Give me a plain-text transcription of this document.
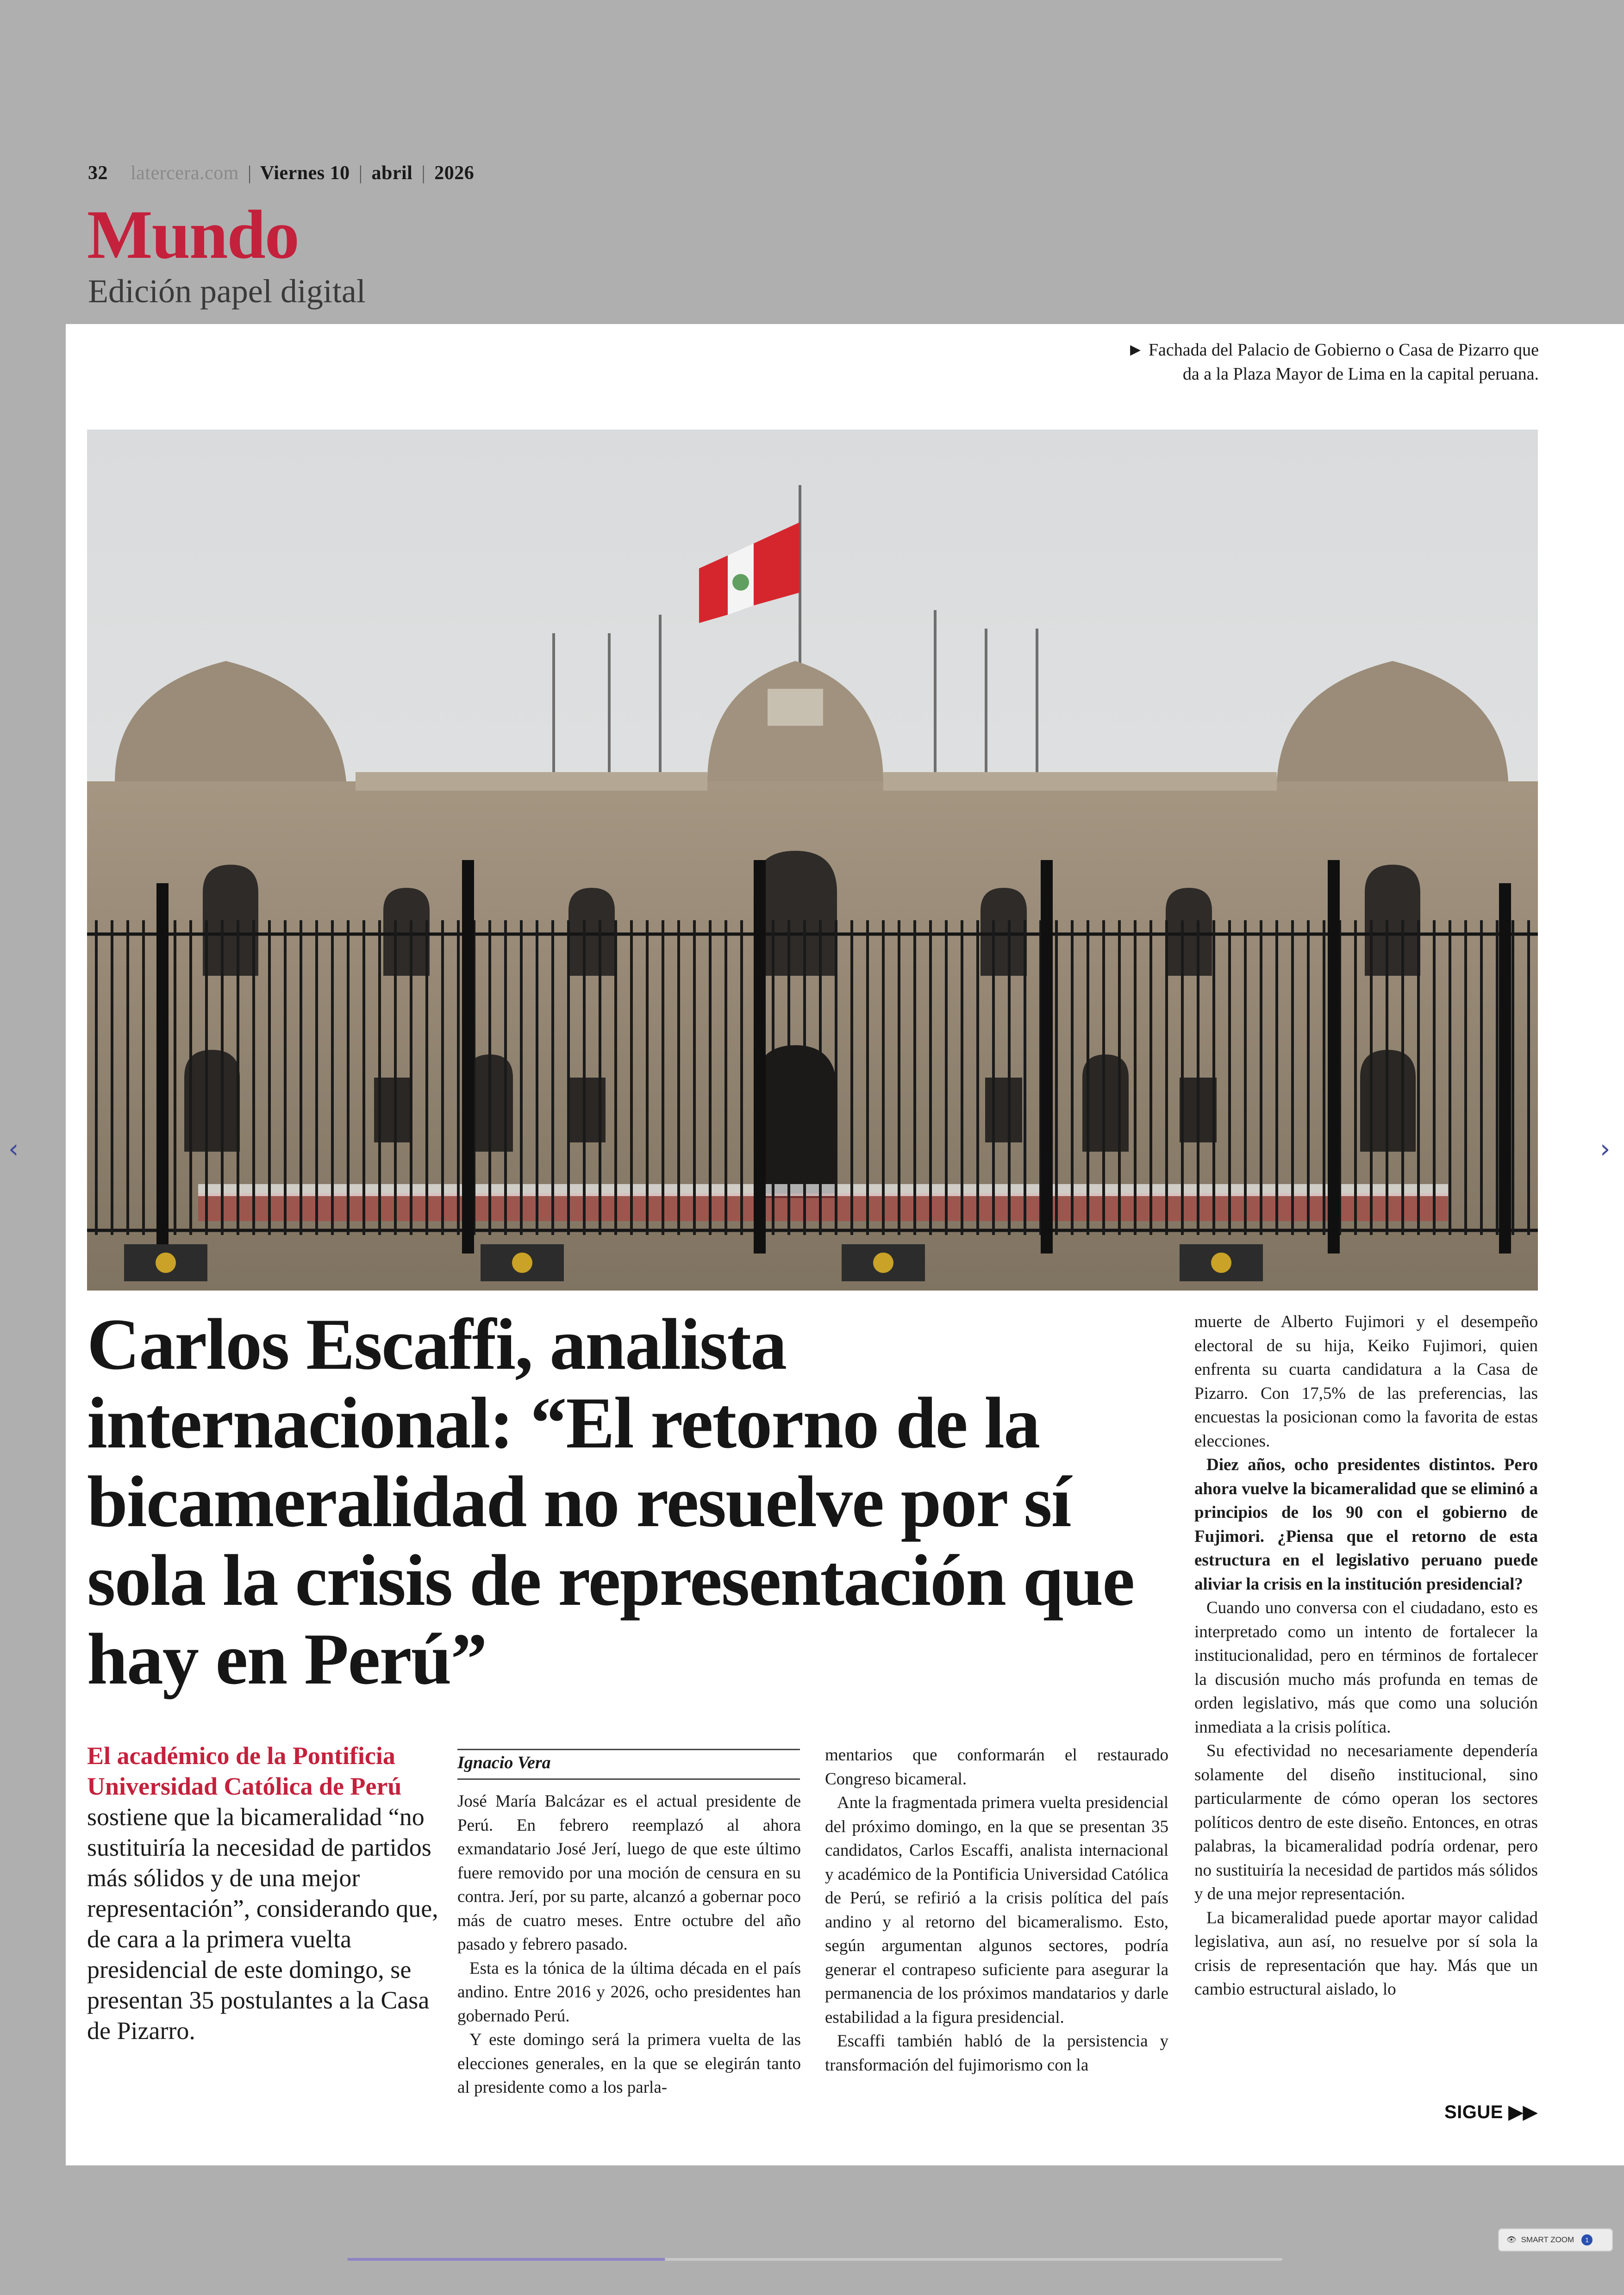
32 latercera.com | Viernes 10 | abril | 2026
Mundo
Edición papel digital
► Fachada del Palacio de Gobierno o Casa de Pizarro que da a la Plaza Mayor de Lima en la capital peruana.
Carlos Escaffi, analista internacional: “El retorno de la bicameralidad no resuelve por sí sola la crisis de representación que hay en Perú”
El académico de la Pontificia Universidad Católica de Perú sostiene que la bicameralidad “no sustituiría la necesidad de partidos más sólidos y de una mejor representación”, considerando que, de cara a la primera vuelta presidencial de este domingo, se presentan 35 postulantes a la Casa de Pizarro.
Ignacio Vera

José María Balcázar es el actual presidente de Perú. En febrero reemplazó al ahora exmandatario José Jerí, luego de que este último fuere removido por una moción de censura en su contra. Jerí, por su parte, alcanzó a gobernar poco más de cuatro meses. Entre octubre del año pasado y febrero pasado.

Esta es la tónica de la última década en el país andino. Entre 2016 y 2026, ocho presidentes han gobernado Perú.

Y este domingo será la primera vuelta de las elecciones generales, en la que se elegirán tanto al presidente como a los parla-

mentarios que conformarán el restaurado Congreso bicameral.

Ante la fragmentada primera vuelta presidencial del próximo domingo, en la que se presentan 35 candidatos, Carlos Escaffi, analista internacional y académico de la Pontificia Universidad Católica de Perú, se refirió a la crisis política del país andino y al retorno del bicameralismo. Esto, según argumentan algunos sectores, podría generar el contrapeso suficiente para asegurar la permanencia de los próximos mandatarios y darle estabilidad a la figura presidencial.

Escaffi también habló de la persistencia y transformación del fujimorismo con la

muerte de Alberto Fujimori y el desempeño electoral de su hija, Keiko Fujimori, quien enfrenta su cuarta candidatura a la Casa de Pizarro. Con 17,5% de las preferencias, las encuestas la posicionan como la favorita de estas elecciones.

Diez años, ocho presidentes distintos. Pero ahora vuelve la bicameralidad que se eliminó a principios de los 90 con el gobierno de Fujimori. ¿Piensa que el retorno de esta estructura en el legislativo peruano puede aliviar la crisis en la institución presidencial?

Cuando uno conversa con el ciudadano, esto es interpretado como un intento de fortalecer la institucionalidad, pero en términos de fortalecer la discusión mucho más profunda en temas de orden legislativo, más que como una solución inmediata a la crisis política.

Su efectividad no necesariamente dependería solamente del diseño institucional, sino particularmente de cómo operan los sectores políticos dentro de este diseño. Entonces, en otras palabras, la bicameralidad podría ordenar, pero no sustituiría la necesidad de partidos más sólidos y de una mejor representación.

La bicameralidad puede aportar mayor calidad legislativa, aun así, no resuelve por sí sola la crisis de representación que hay. Más que un cambio estructural aislado, lo

SIGUE ▶▶
‹	›
👁 SMART ZOOM	1
